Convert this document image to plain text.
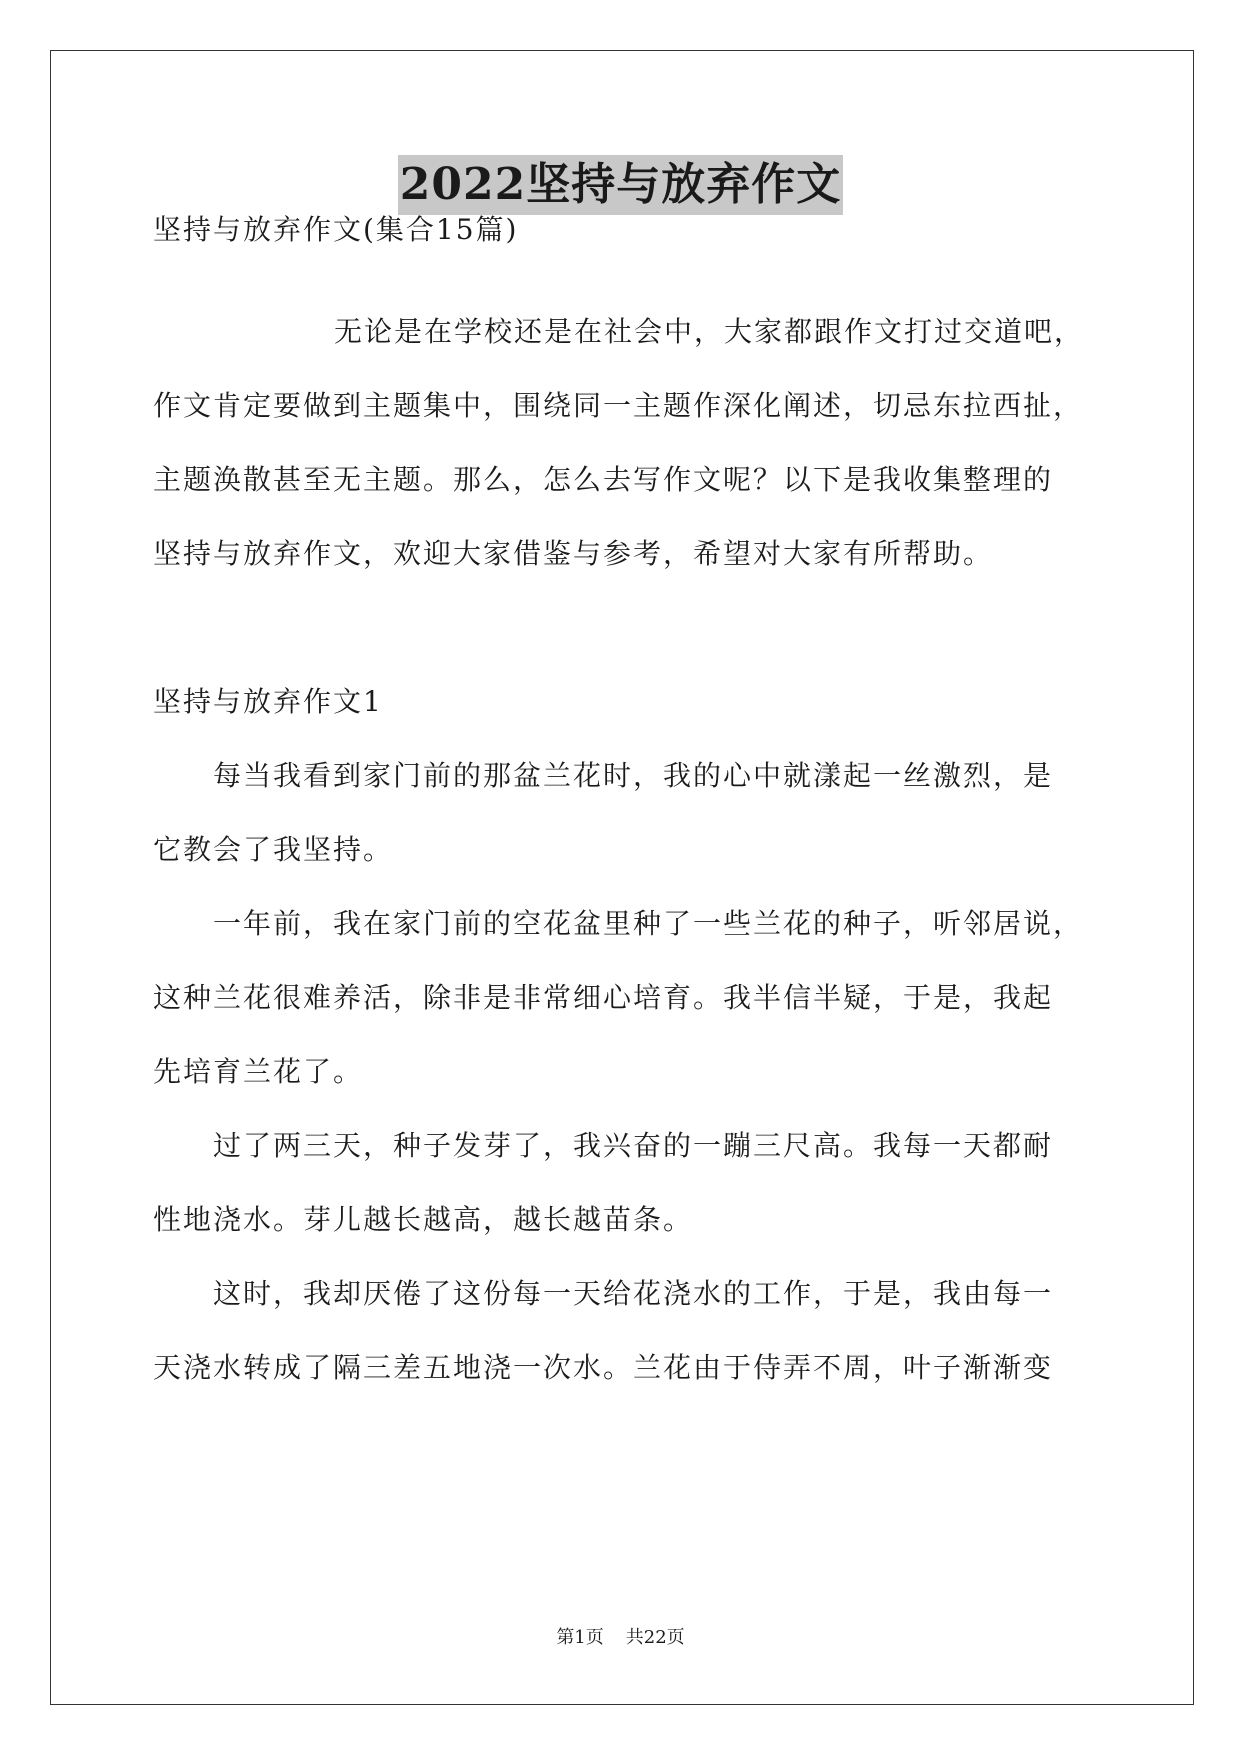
2022坚持与放弃作文
坚持与放弃作文(集合15篇)
无论是在学校还是在社会中，大家都跟作文打过交道吧，
作文肯定要做到主题集中，围绕同一主题作深化阐述，切忌东拉西扯，
主题涣散甚至无主题。那么，怎么去写作文呢？以下是我收集整理的
坚持与放弃作文，欢迎大家借鉴与参考，希望对大家有所帮助。
坚持与放弃作文1
每当我看到家门前的那盆兰花时，我的心中就漾起一丝激烈，是
它教会了我坚持。
一年前，我在家门前的空花盆里种了一些兰花的种子，听邻居说，
这种兰花很难养活，除非是非常细心培育。我半信半疑，于是，我起
先培育兰花了。
过了两三天，种子发芽了，我兴奋的一蹦三尺高。我每一天都耐
性地浇水。芽儿越长越高，越长越苗条。
这时，我却厌倦了这份每一天给花浇水的工作，于是，我由每一
天浇水转成了隔三差五地浇一次水。兰花由于侍弄不周，叶子渐渐变
第1页 共22页
